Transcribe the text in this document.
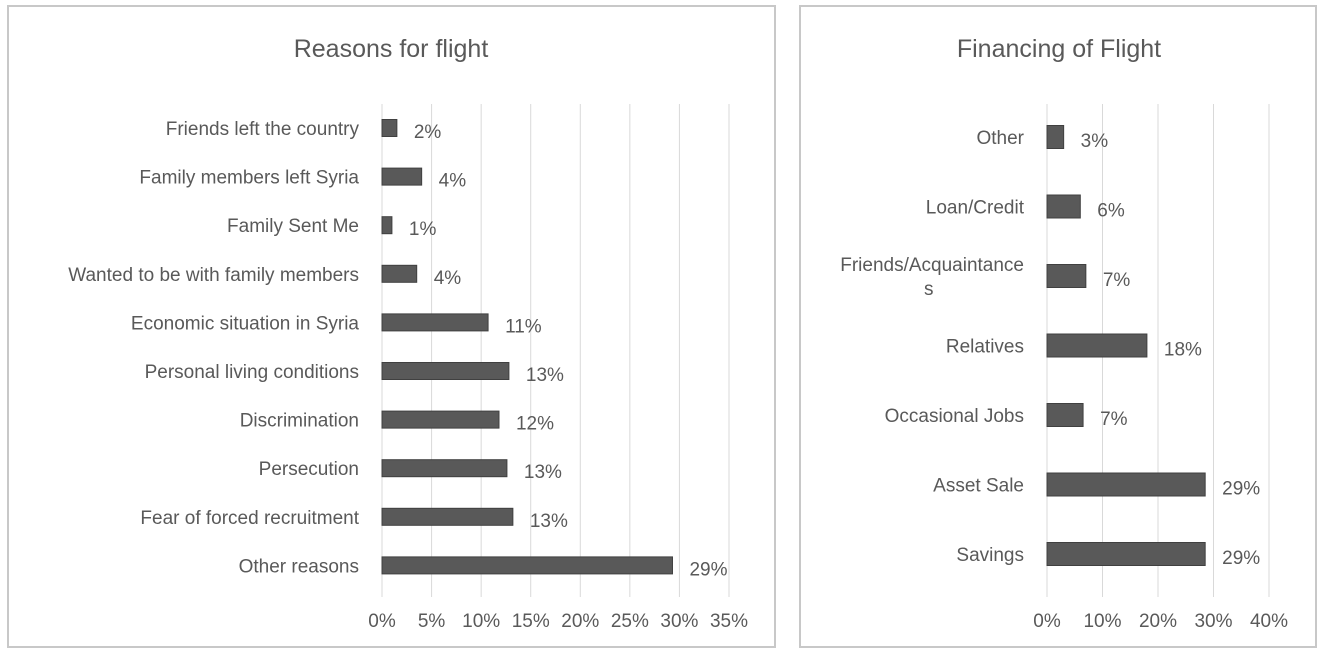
Reasons for flight
0% 5% 10% 15% 20% 25% 30% 35%
Friends left the country	2%
Family members left Syria	4%
Family Sent Me	1%
Wanted to be with family members	4%
Economic situation in Syria	11%
Personal living conditions	13%
Discrimination	12%
Persecution	13%
Fear of forced recruitment	13%
Other reasons	29%
Financing of Flight
0% 10% 20% 30% 40%
Other	3%
Loan/Credit	6%
Friends/Acquaintance s	7%
Relatives	18%
Occasional Jobs	7%
Asset Sale	29%
Savings	29%
